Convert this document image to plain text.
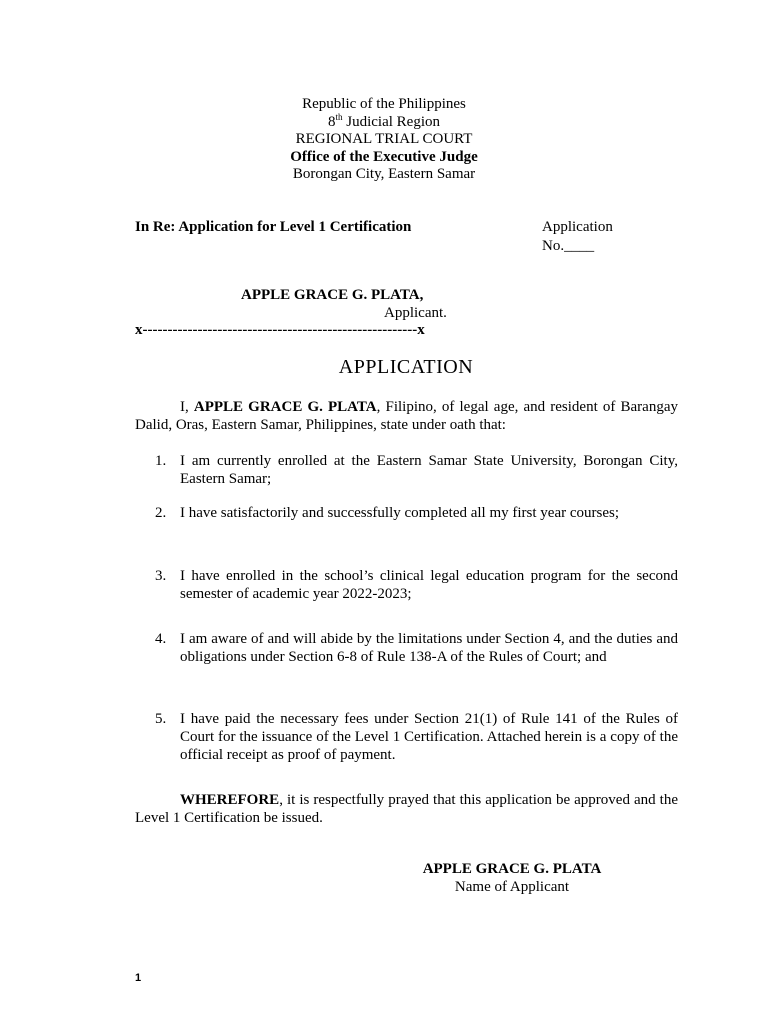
Republic of the Philippines
8th Judicial Region
REGIONAL TRIAL COURT
Office of the Executive Judge
Borongan City, Eastern Samar
In Re: Application for Level 1 Certification	Application
No.____
APPLE GRACE G. PLATA,
Applicant.
x-------------------------------------------------------x
APPLICATION
I, APPLE GRACE G. PLATA, Filipino, of legal age, and resident of Barangay Dalid, Oras, Eastern Samar, Philippines, state under oath that:
1. I am currently enrolled at the Eastern Samar State University, Borongan City, Eastern Samar;
2. I have satisfactorily and successfully completed all my first year courses;
3. I have enrolled in the school’s clinical legal education program for the second semester of academic year 2022-2023;
4. I am aware of and will abide by the limitations under Section 4, and the duties and obligations under Section 6-8 of Rule 138-A of the Rules of Court; and
5. I have paid the necessary fees under Section 21(1) of Rule 141 of the Rules of Court for the issuance of the Level 1 Certification. Attached herein is a copy of the official receipt as proof of payment.
WHEREFORE, it is respectfully prayed that this application be approved and the Level 1 Certification be issued.
APPLE GRACE G. PLATA
Name of Applicant
1
